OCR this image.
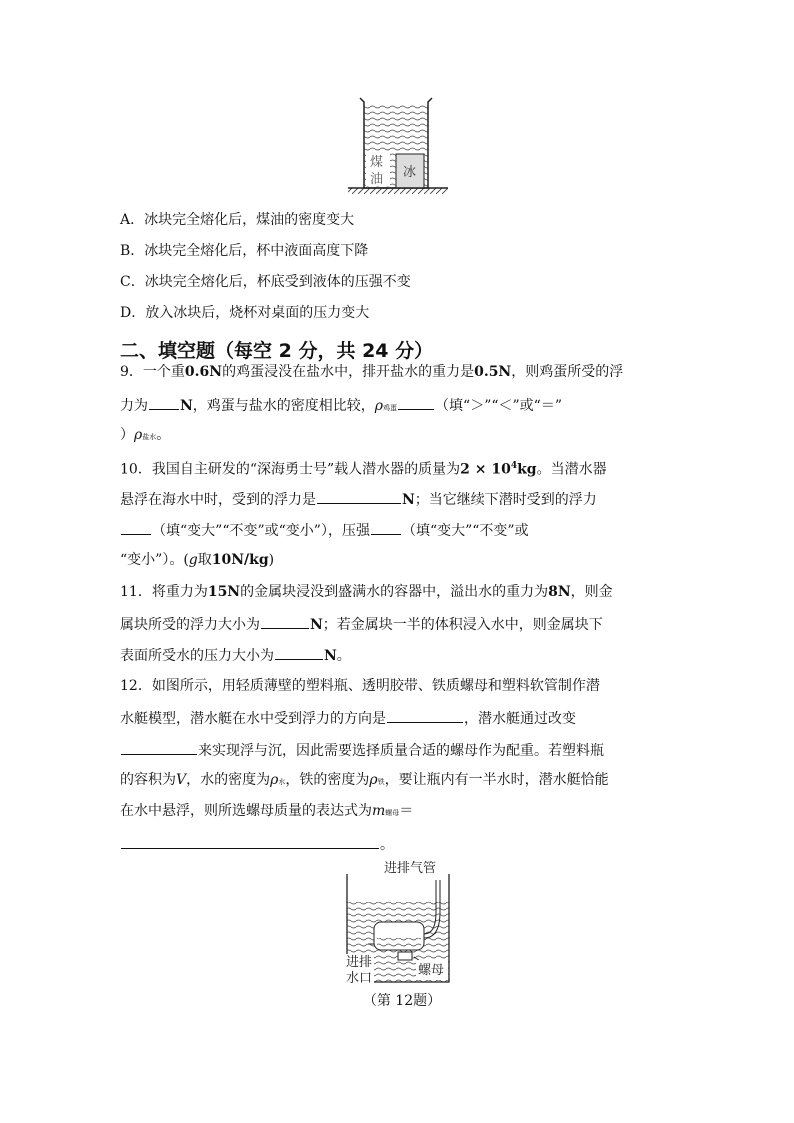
煤
油 冰
A．冰块完全熔化后，煤油的密度变大
B．冰块完全熔化后，杯中液面高度下降
C．冰块完全熔化后，杯底受到液体的压强不变
D．放入冰块后，烧杯对桌面的压力变大
二、填空题（每空 2 分，共 24 分）
9．一个重0.6N的鸡蛋浸没在盐水中，排开盐水的重力是0.5N，则鸡蛋所受的浮
力为 N，鸡蛋与盐水的密度相比较，ρ鸡蛋	（填“＞”“＜”或“＝”
）ρ盐水。
10．我国自主研发的“深海勇士号”载人潜水器的质量为$2 \times 10^4kg$。当潜水器
悬浮在海水中时，受到的浮力是	N；当它继续下潜时受到的浮力
（填“变大”“不变”或“变小”），压强 （填“变大”“不变”或
“变小”）。(g取10N/kg)
11．将重力为15N的金属块浸没到盛满水的容器中，溢出水的重力为8N，则金
属块所受的浮力大小为	N；若金属块一半的体积浸入水中，则金属块下
表面所受水的压力大小为	N。
12．如图所示，用轻质薄壁的塑料瓶、透明胶带、铁质螺母和塑料软管制作潜
水艇模型，潜水艇在水中受到浮力的方向是	，潜水艇通过改变
来实现浮与沉，因此需要选择质量合适的螺母作为配重。若塑料瓶
的容积为V，水的密度为ρ水，铁的密度为ρ铁，要让瓶内有一半水时，潜水艇恰能
在水中悬浮，则所选螺母质量的表达式为m螺母＝
。
进排气管
进排
水口
螺母
（第 12题）
